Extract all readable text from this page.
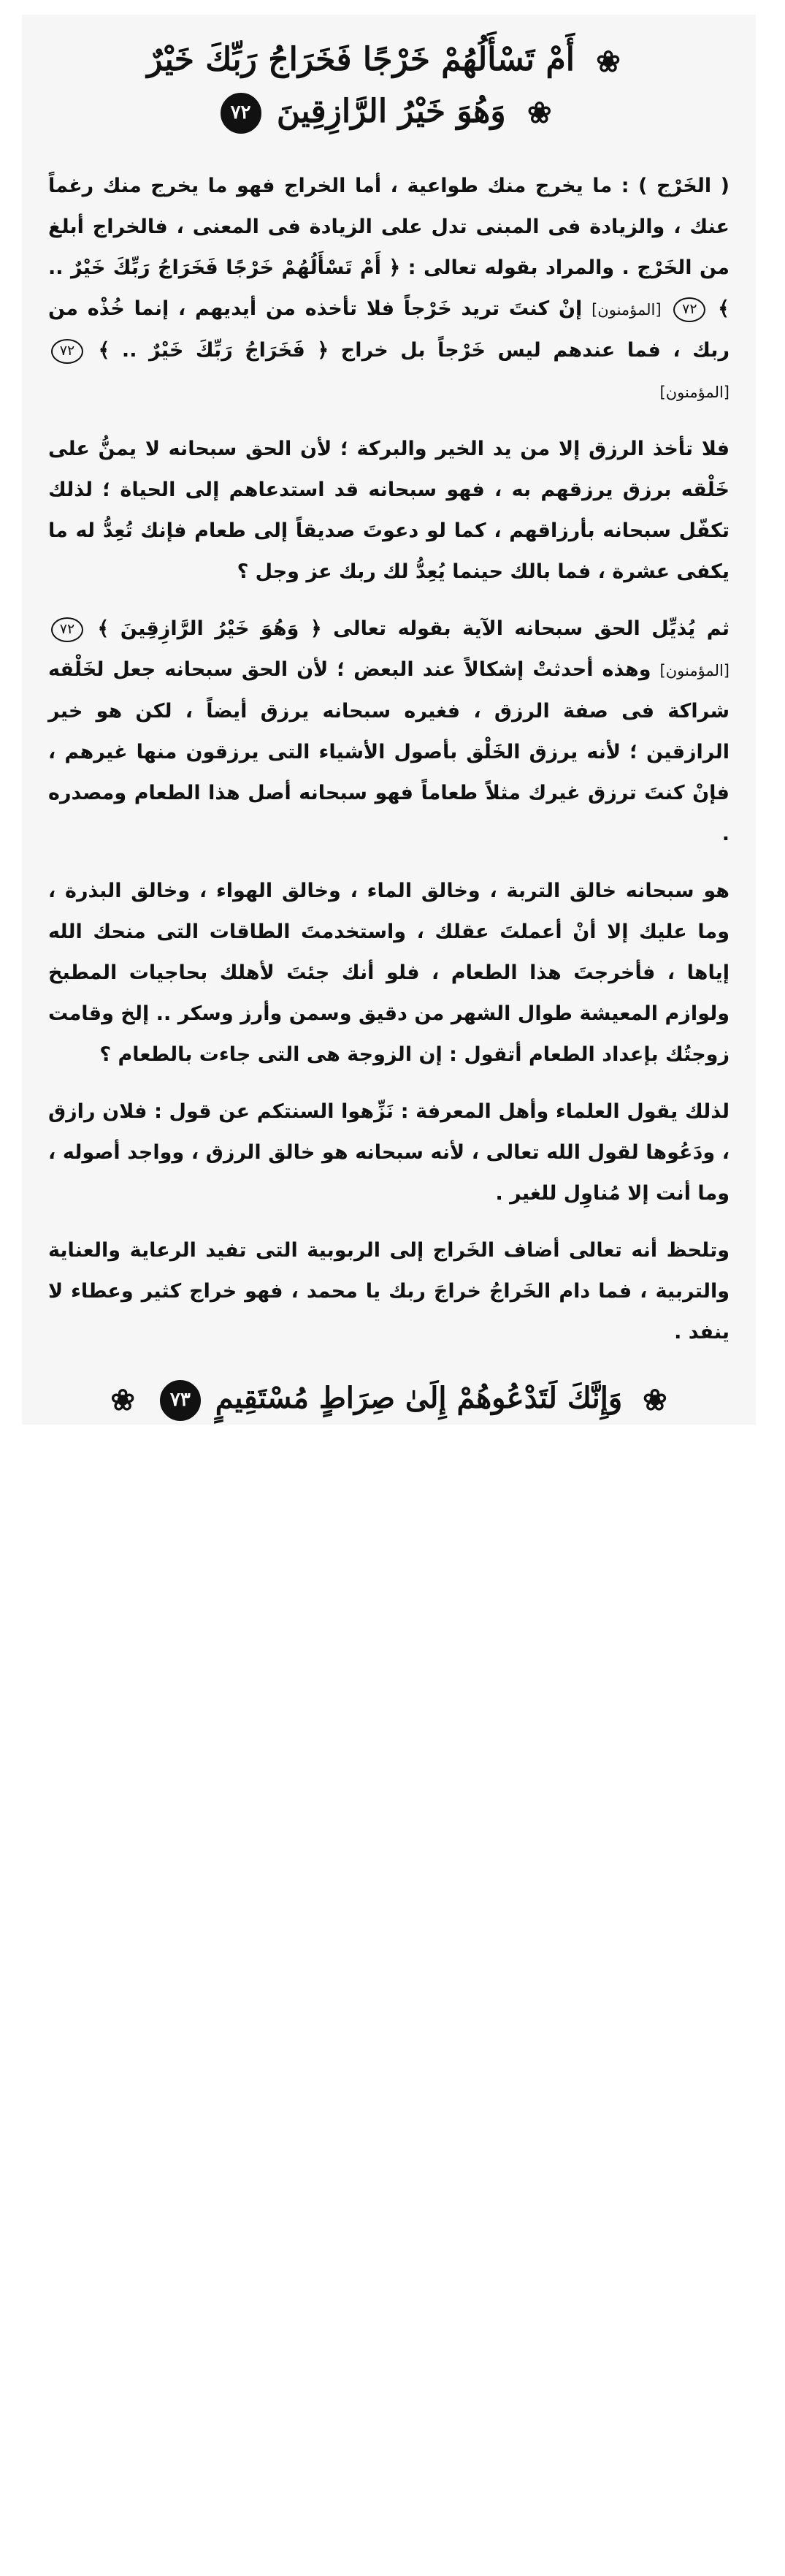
❀ أَمْ تَسْأَلُهُمْ خَرْجًا فَخَرَاجُ رَبِّكَ خَيْرٌ
❀ وَهُوَ خَيْرُ الرَّازِقِينَ ٧٢

( الخَرْج ) : ما يخرج منك طواعية ، أما الخراج فهو ما يخرج منك رغماً عنك ، والزيادة فى المبنى تدل على الزيادة فى المعنى ، فالخراج أبلغ من الخَرْج . والمراد بقوله تعالى : ﴿ أَمْ تَسْأَلُهُمْ خَرْجًا فَخَرَاجُ رَبِّكَ خَيْرٌ .. ﴾ ٧٢ [المؤمنون] إنْ كنتَ تريد خَرْجاً فلا تأخذه من أيديهم ، إنما خُذْه من ربك ، فما عندهم ليس خَرْجاً بل خراج ﴿ فَخَرَاجُ رَبِّكَ خَيْرٌ .. ﴾ ٧٢ [المؤمنون]

فلا تأخذ الرزق إلا من يد الخير والبركة ؛ لأن الحق سبحانه لا يمنُّ على خَلْقه برزق يرزقهم به ، فهو سبحانه قد استدعاهم إلى الحياة ؛ لذلك تكفّل سبحانه بأرزاقهم ، كما لو دعوتَ صديقاً إلى طعام فإنك تُعِدُّ له ما يكفى عشرة ، فما بالك حينما يُعِدُّ لك ربك عز وجل ؟

ثم يُذيِّل الحق سبحانه الآية بقوله تعالى ﴿ وَهُوَ خَيْرُ الرَّازِقِينَ ﴾ ٧٢ [المؤمنون] وهذه أحدثتْ إشكالاً عند البعض ؛ لأن الحق سبحانه جعل لخَلْقه شراكة فى صفة الرزق ، فغيره سبحانه يرزق أيضاً ، لكن هو خير الرازقين ؛ لأنه يرزق الخَلْق بأصول الأشياء التى يرزقون منها غيرهم ، فإنْ كنتَ ترزق غيرك مثلاً طعاماً فهو سبحانه أصل هذا الطعام ومصدره .

هو سبحانه خالق التربة ، وخالق الماء ، وخالق الهواء ، وخالق البذرة ، وما عليك إلا أنْ أعملتَ عقلك ، واستخدمتَ الطاقات التى منحك الله إياها ، فأخرجتَ هذا الطعام ، فلو أنك جئتَ لأهلك بحاجيات المطبخ ولوازم المعيشة طوال الشهر من دقيق وسمن وأرز وسكر .. إلخ وقامت زوجتُك بإعداد الطعام أتقول : إن الزوجة هى التى جاءت بالطعام ؟

لذلك يقول العلماء وأهل المعرفة : نَزِّهوا السنتكم عن قول : فلان رازق ، ودَعُوها لقول الله تعالى ، لأنه سبحانه هو خالق الرزق ، وواجد أصوله ، وما أنت إلا مُناوِل للغير .

وتلحظ أنه تعالى أضاف الخَراج إلى الربوبية التى تفيد الرعاية والعناية والتربية ، فما دام الخَراجُ خراجَ ربك يا محمد ، فهو خراج كثير وعطاء لا ينفد .

❀ وَإِنَّكَ لَتَدْعُوهُمْ إِلَىٰ صِرَاطٍ مُسْتَقِيمٍ ٧٣ ❀
